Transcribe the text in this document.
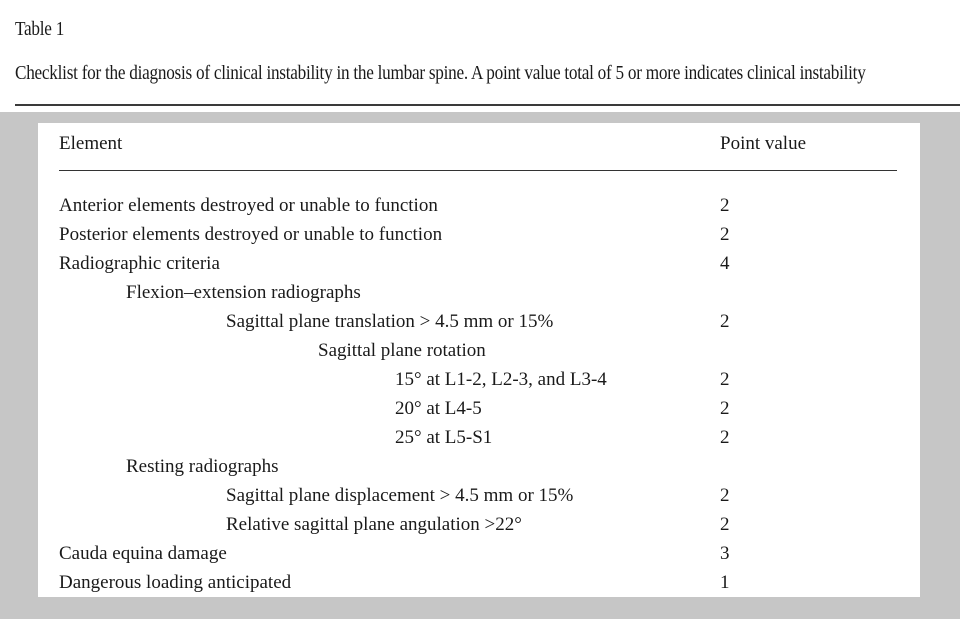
Table 1
Checklist for the diagnosis of clinical instability in the lumbar spine. A point value total of 5 or more indicates clinical instability
Element	Point value
Anterior elements destroyed or unable to function	2
Posterior elements destroyed or unable to function	2
Radiographic criteria	4
Flexion–extension radiographs
Sagittal plane translation > 4.5 mm or 15%	2
Sagittal plane rotation
15° at L1-2, L2-3, and L3-4	2
20° at L4-5	2
25° at L5-S1	2
Resting radiographs
Sagittal plane displacement > 4.5 mm or 15%	2
Relative sagittal plane angulation >22°	2
Cauda equina damage	3
Dangerous loading anticipated	1
